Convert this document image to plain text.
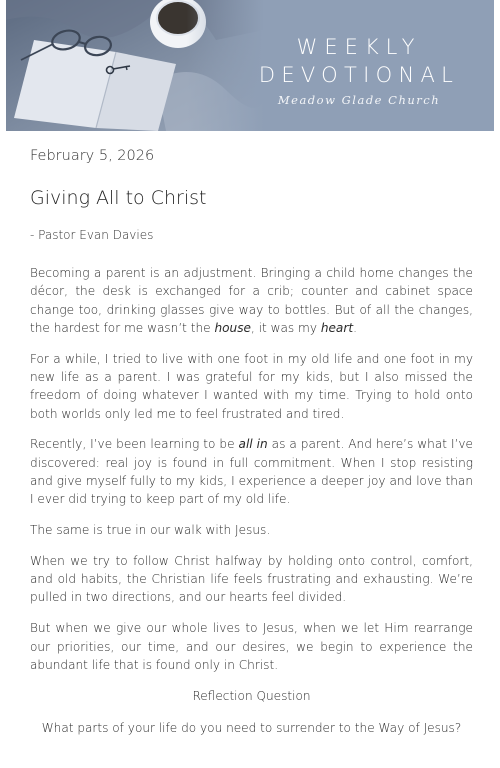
WEEKLY
DEVOTIONAL
Meadow Glade Church
February 5, 2026
Giving All to Christ
- Pastor Evan Davies

Becoming a parent is an adjustment. Bringing a child home changes the décor, the desk is exchanged for a crib; counter and cabinet space change too, drinking glasses give way to bottles. But of all the changes, the hardest for me wasn’t the house, it was my heart.

For a while, I tried to live with one foot in my old life and one foot in my new life as a parent. I was grateful for my kids, but I also missed the freedom of doing whatever I wanted with my time. Trying to hold onto both worlds only led me to feel frustrated and tired.

Recently, I’ve been learning to be all in as a parent. And here’s what I’ve discovered: real joy is found in full commitment. When I stop resisting and give myself fully to my kids, I experience a deeper joy and love than I ever did trying to keep part of my old life.

The same is true in our walk with Jesus.

When we try to follow Christ halfway by holding onto control, comfort, and old habits, the Christian life feels frustrating and exhausting. We’re pulled in two directions, and our hearts feel divided.

But when we give our whole lives to Jesus, when we let Him rearrange our priorities, our time, and our desires, we begin to experience the abundant life that is found only in Christ.

Reflection Question

What parts of your life do you need to surrender to the Way of Jesus?
